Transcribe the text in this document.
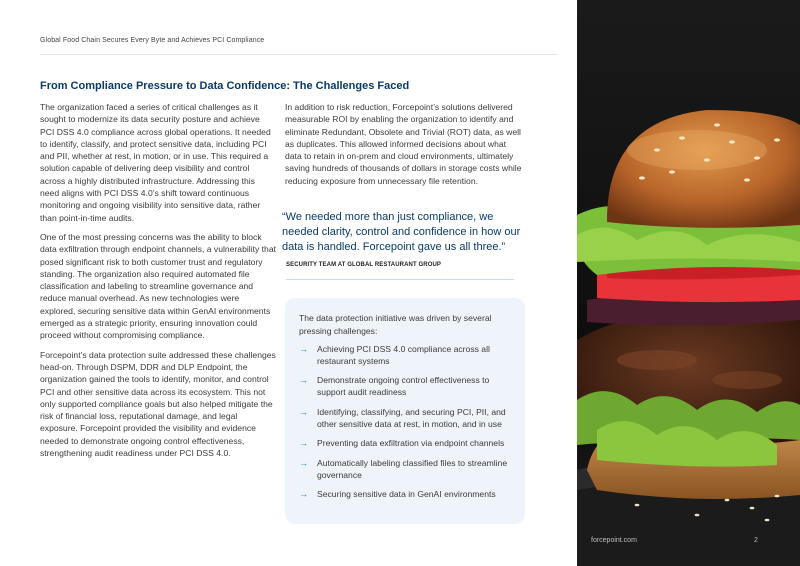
Global Food Chain Secures Every Byte and Achieves PCI Compliance
From Compliance Pressure to Data Confidence: The Challenges Faced

The organization faced a series of critical challenges as it sought to modernize its data security posture and achieve PCI DSS 4.0 compliance across global operations. It needed to identify, classify, and protect sensitive data, including PCI and PII, whether at rest, in motion, or in use. This required a solution capable of delivering deep visibility and control across a highly distributed infrastructure. Addressing this need aligns with PCI DSS 4.0’s shift toward continuous monitoring and ongoing visibility into sensitive data, rather than point-in-time audits.

One of the most pressing concerns was the ability to block data exfiltration through endpoint channels, a vulnerability that posed significant risk to both customer trust and regulatory standing. The organization also required automated file classification and labeling to streamline governance and reduce manual overhead. As new technologies were explored, securing sensitive data within GenAI environments emerged as a strategic priority, ensuring innovation could proceed without compromising compliance.

Forcepoint’s data protection suite addressed these challenges head-on. Through DSPM, DDR and DLP Endpoint, the organization gained the tools to identify, monitor, and control PCI and other sensitive data across its ecosystem. This not only supported compliance goals but also helped mitigate the risk of financial loss, reputational damage, and legal exposure. Forcepoint provided the visibility and evidence needed to demonstrate ongoing control effectiveness, strengthening audit readiness under PCI DSS 4.0.

In addition to risk reduction, Forcepoint’s solutions delivered measurable ROI by enabling the organization to identify and eliminate Redundant, Obsolete and Trivial (ROT) data, as well as duplicates. This allowed informed decisions about what data to retain in on-prem and cloud environments, ultimately saving hundreds of thousands of dollars in storage costs while reducing exposure from unnecessary file retention.

“We needed more than just compliance, we needed clarity, control and confidence in how our data is handled. Forcepoint gave us all three.”
SECURITY TEAM AT GLOBAL RESTAURANT GROUP
The data protection initiative was driven by several pressing challenges:
→ Achieving PCI DSS 4.0 compliance across all restaurant systems
→ Demonstrate ongoing control effectiveness to support audit readiness
→ Identifying, classifying, and securing PCI, PII, and other sensitive data at rest, in motion, and in use
→ Preventing data exfiltration via endpoint channels
→ Automatically labeling classified files to streamline governance
→ Securing sensitive data in GenAI environments
forcepoint.com	2
